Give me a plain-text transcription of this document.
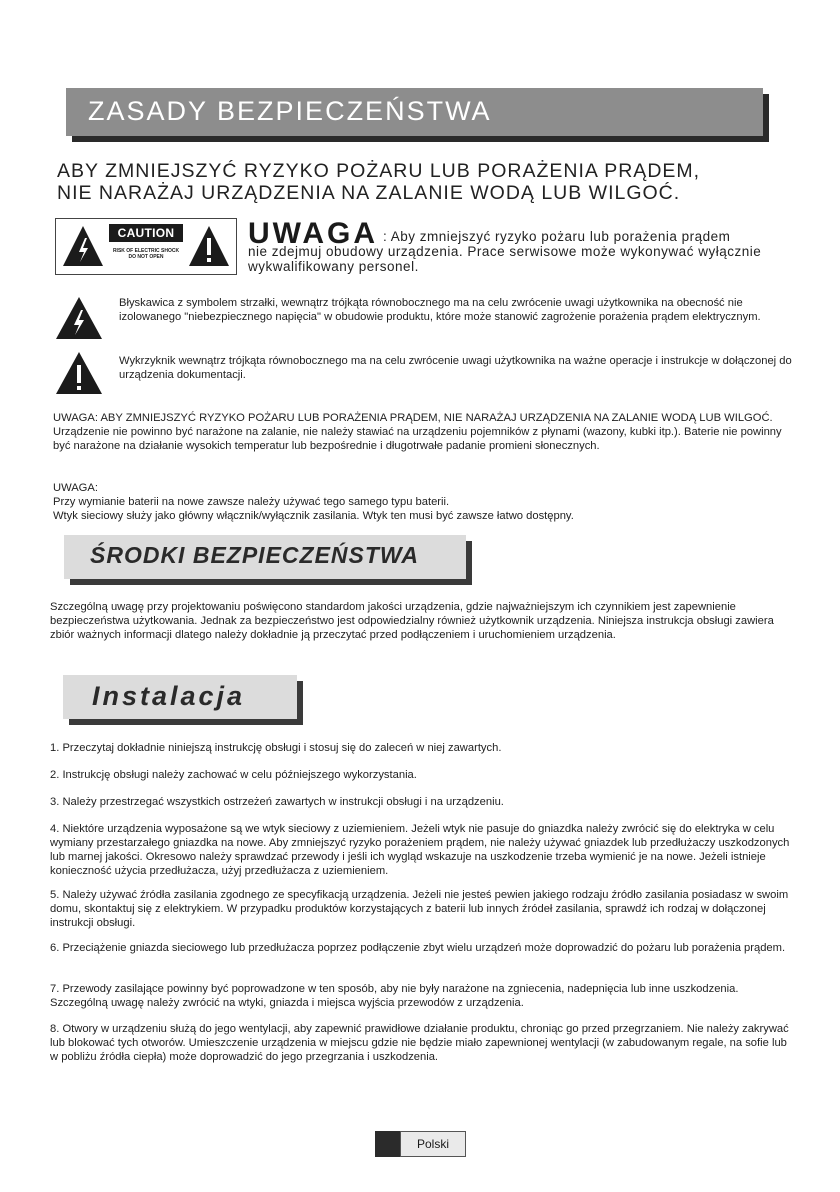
ZASADY BEZPIECZEŃSTWA
ABY ZMNIEJSZYĆ RYZYKO POŻARU LUB PORAŻENIA PRĄDEM,
NIE NARAŻAJ URZĄDZENIA NA ZALANIE WODĄ LUB WILGOĆ.
CAUTION
RISK OF ELECTRIC SHOCK
DO NOT OPEN
UWAGA : Aby zmniejszyć ryzyko pożaru lub porażenia prądem
nie zdejmuj obudowy urządzenia. Prace serwisowe może wykonywać wyłącznie
wykwalifikowany personel.
Błyskawica z symbolem strzałki, wewnątrz trójkąta równobocznego ma na celu zwrócenie uwagi użytkownika na obecność nie izolowanego "niebezpiecznego napięcia" w obudowie produktu, które może stanowić zagrożenie porażenia prądem elektrycznym.
Wykrzyknik wewnątrz trójkąta równobocznego ma na celu zwrócenie uwagi użytkownika na ważne operacje i instrukcje w dołączonej do urządzenia dokumentacji.
UWAGA: ABY ZMNIEJSZYĆ RYZYKO POŻARU LUB PORAŻENIA PRĄDEM, NIE NARAŻAJ URZĄDZENIA NA ZALANIE WODĄ LUB WILGOĆ.
Urządzenie nie powinno być narażone na zalanie, nie należy stawiać na urządzeniu pojemników z płynami (wazony, kubki itp.). Baterie nie powinny być narażone na działanie wysokich temperatur lub bezpośrednie i długotrwałe padanie promieni słonecznych.
UWAGA:
Przy wymianie baterii na nowe zawsze należy używać tego samego typu baterii.
Wtyk sieciowy służy jako główny włącznik/wyłącznik zasilania. Wtyk ten musi być zawsze łatwo dostępny.
ŚRODKI BEZPIECZEŃSTWA
Szczególną uwagę przy projektowaniu poświęcono standardom jakości urządzenia, gdzie najważniejszym ich czynnikiem jest zapewnienie bezpieczeństwa użytkowania. Jednak za bezpieczeństwo jest odpowiedzialny również użytkownik urządzenia. Niniejsza instrukcja obsługi zawiera zbiór ważnych informacji dlatego należy dokładnie ją przeczytać przed podłączeniem i uruchomieniem urządzenia.
Instalacja
1. Przeczytaj dokładnie niniejszą instrukcję obsługi i stosuj się do zaleceń w niej zawartych.
2. Instrukcję obsługi należy zachować w celu późniejszego wykorzystania.
3. Należy przestrzegać wszystkich ostrzeżeń zawartych w instrukcji obsługi i na urządzeniu.
4. Niektóre urządzenia wyposażone są we wtyk sieciowy z uziemieniem. Jeżeli wtyk nie pasuje do gniazdka należy zwrócić się do elektryka w celu wymiany przestarzałego gniazdka na nowe. Aby zmniejszyć ryzyko porażeniem prądem, nie należy używać gniazdek lub przedłużaczy uszkodzonych lub marnej jakości. Okresowo należy sprawdzać przewody i jeśli ich wygląd wskazuje na uszkodzenie trzeba wymienić je na nowe. Jeżeli istnieje konieczność użycia przedłużacza, użyj przedłużacza z uziemieniem.
5. Należy używać źródła zasilania zgodnego ze specyfikacją urządzenia. Jeżeli nie jesteś pewien jakiego rodzaju źródło zasilania posiadasz w swoim domu, skontaktuj się z elektrykiem. W przypadku produktów korzystających z baterii lub innych źródeł zasilania, sprawdź ich rodzaj w dołączonej instrukcji obsługi.
6. Przeciążenie gniazda sieciowego lub przedłużacza poprzez podłączenie zbyt wielu urządzeń może doprowadzić do pożaru lub porażenia prądem.
7. Przewody zasilające powinny być poprowadzone w ten sposób, aby nie były narażone na zgniecenia, nadepnięcia lub inne uszkodzenia. Szczególną uwagę należy zwrócić na wtyki, gniazda i miejsca wyjścia przewodów z urządzenia.
8. Otwory w urządzeniu służą do jego wentylacji, aby zapewnić prawidłowe działanie produktu, chroniąc go przed przegrzaniem. Nie należy zakrywać lub blokować tych otworów. Umieszczenie urządzenia w miejscu gdzie nie będzie miało zapewnionej wentylacji (w zabudowanym regale, na sofie lub w pobliżu źródła ciepła) może doprowadzić do jego przegrzania i uszkodzenia.
Polski
